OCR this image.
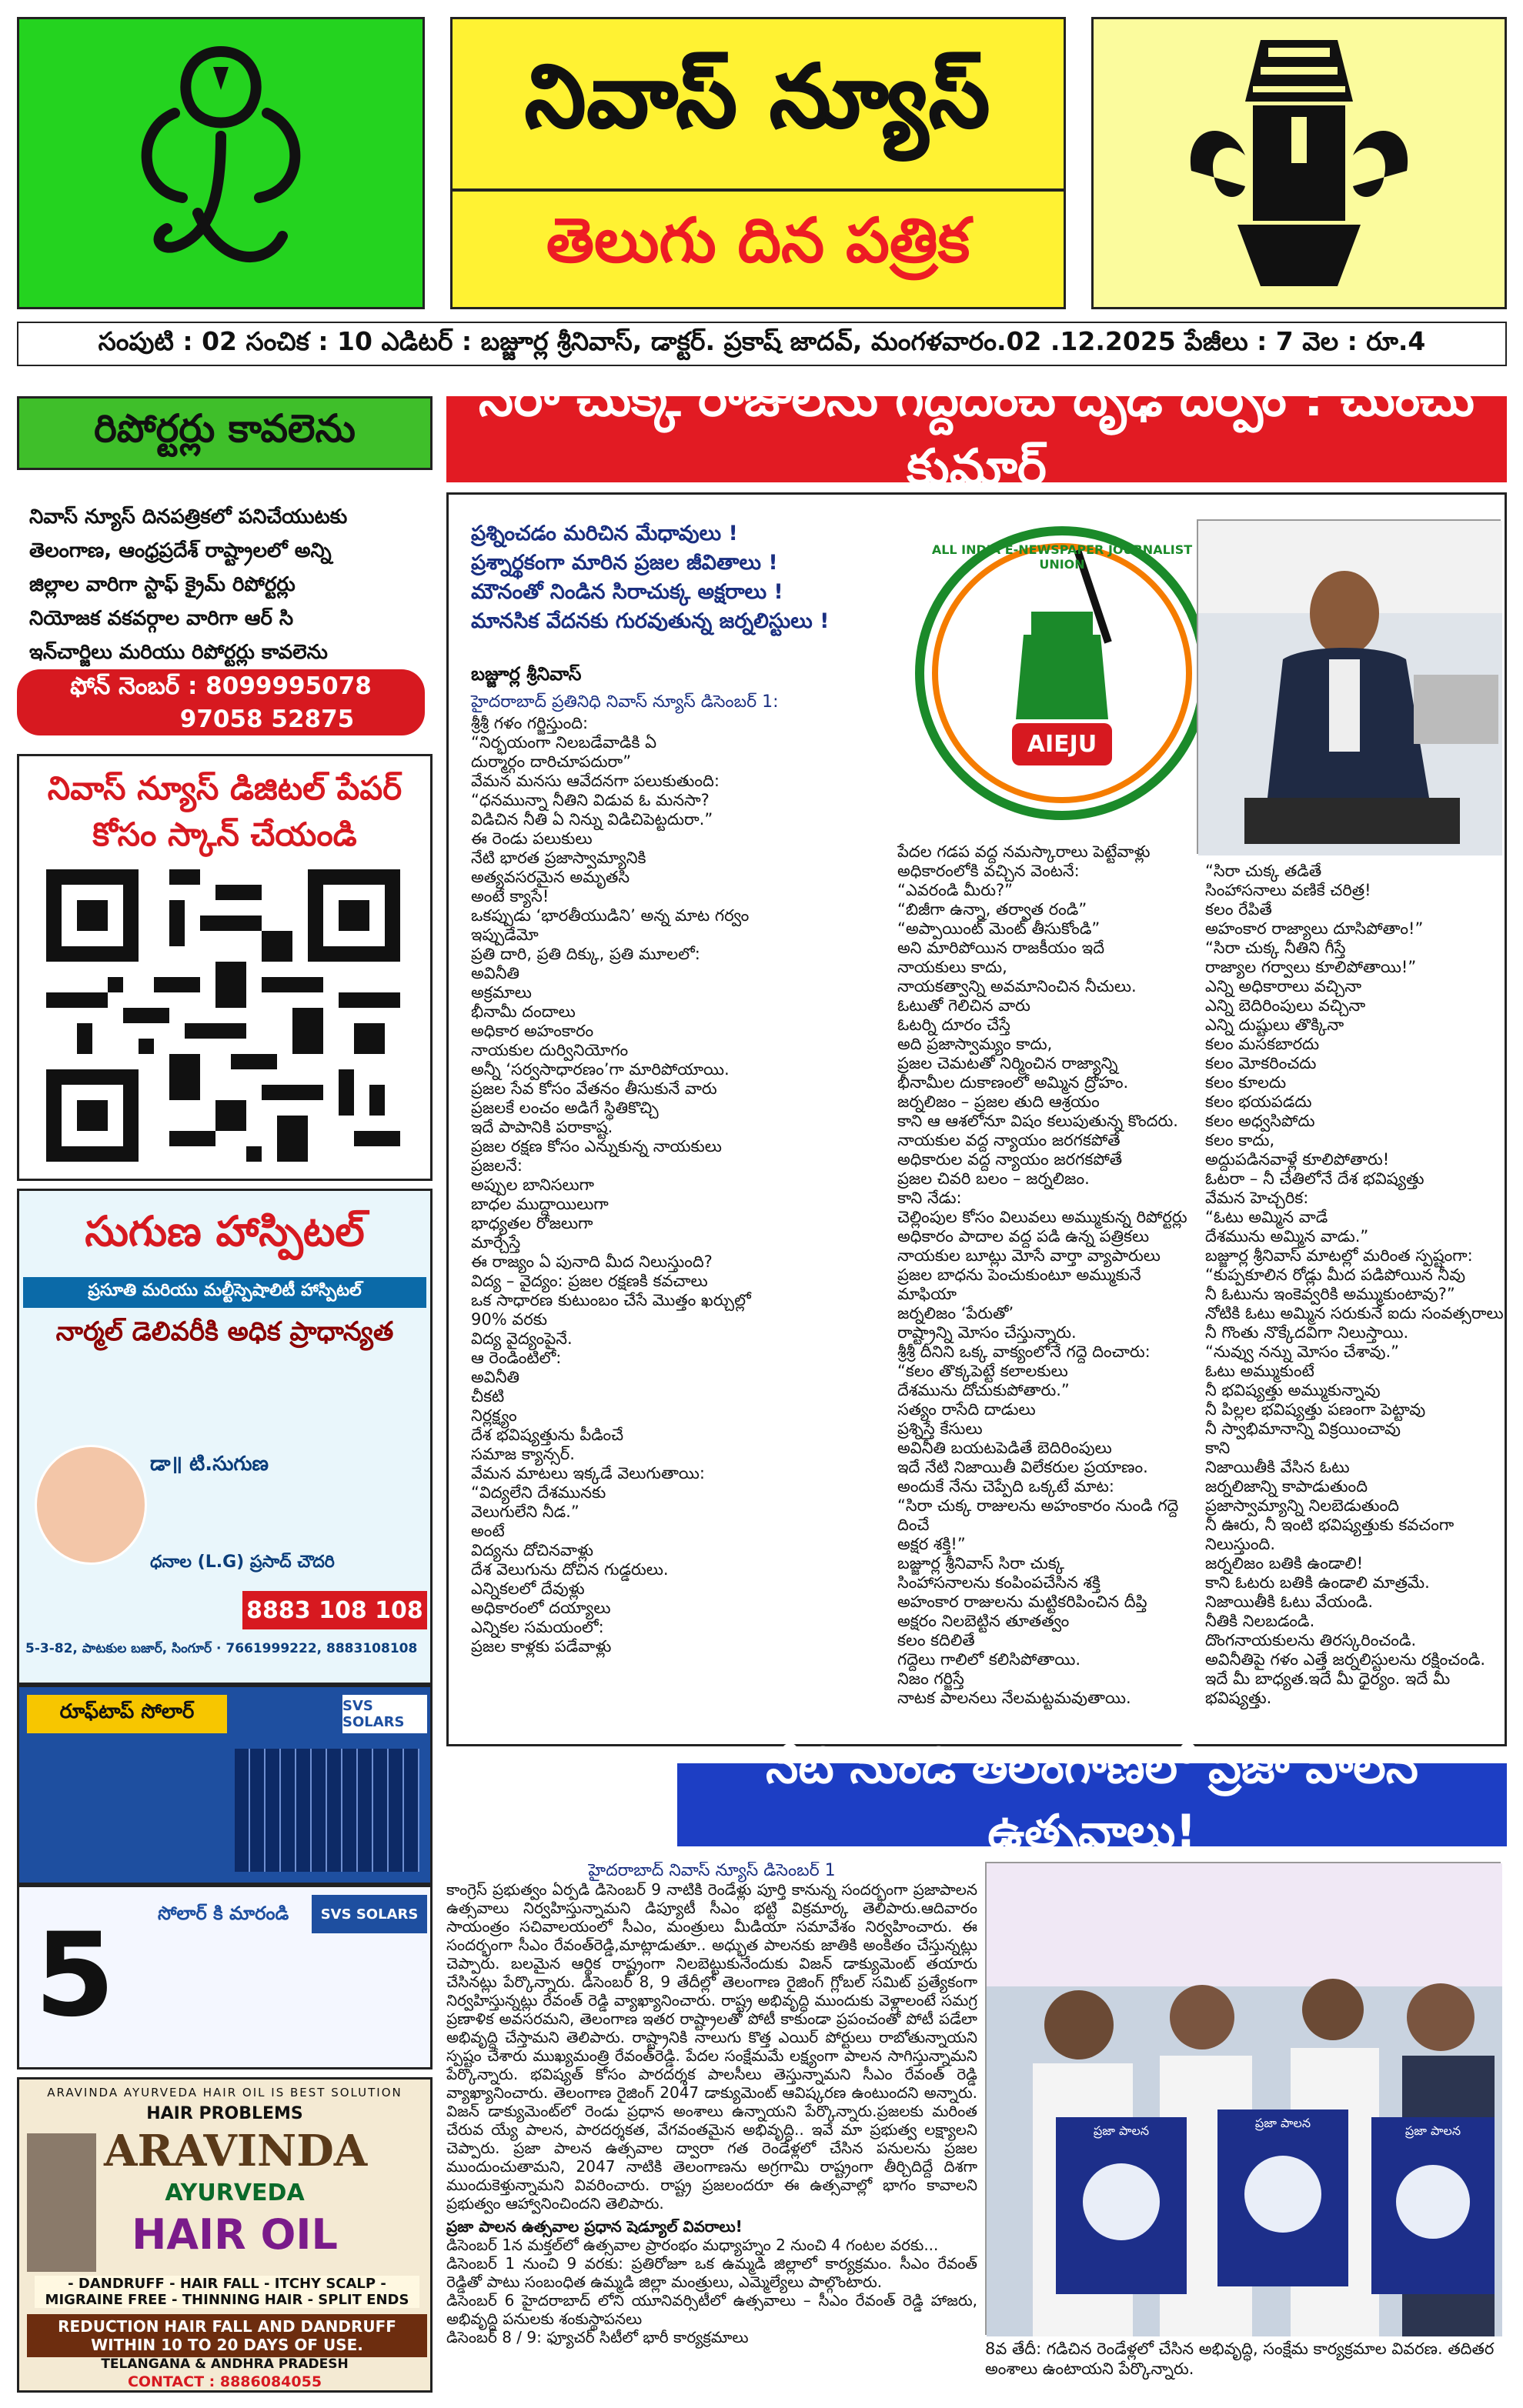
నివాస్ న్యూస్
తెలుగు దిన పత్రిక
సంపుటి : 02 సంచిక : 10 ఎడిటర్ : బజ్జూర్ల శ్రీనివాస్, డాక్టర్. ప్రకాష్ జాదవ్, మంగళవారం.02 .12.2025 పేజీలు : 7 వెల : రూ.4
రిపోర్టర్లు కావలెను
నివాస్ న్యూస్ దినపత్రికలో పనిచేయుటకు
తెలంగాణ, ఆంధ్రప్రదేశ్ రాష్ట్రాలలో అన్ని
జిల్లాల వారిగా స్టాఫ్ క్రైమ్ రిపోర్టర్లు
నియోజక వకవర్గాల వారిగా ఆర్ సి
ఇన్‌చార్జిలు మరియు రిపోర్టర్లు కావలెను
ఫోన్ నెంబర్ : 8099995078
97058 52875
నివాస్ న్యూస్ డిజిటల్ పేపర్ కోసం స్కాన్ చేయండి
డా॥ టి.సుగుణ
ధనాల (L.G) ప్రసాద్ చౌదరి
8883 108 108
5-3-82, పాటకుల బజార్, సింగూర్ · 7661999222, 8883108108
సుగుణ హాస్పిటల్
ప్రసూతి మరియు మల్టీస్పెషాలిటీ హాస్పిటల్
నార్మల్ డెలివరీకి అధిక ప్రాధాన్యత
రూఫ్‌టాప్ సోలార్	SVS SOLARS
5 సోలార్ కి మారండి	SVS SOLARS
ARAVINDA AYURVEDA HAIR OIL IS BEST SOLUTION
HAIR PROBLEMS
ARAVINDA
AYURVEDA
HAIR OIL
- DANDRUFF - HAIR FALL - ITCHY SCALP - MIGRAINE FREE - THINNING HAIR - SPLIT ENDS
REDUCTION HAIR FALL AND DANDRUFF WITHIN 10 TO 20 DAYS OF USE.
TELANGANA & ANDHRA PRADESH
CONTACT : 8886084055
సిరా చుక్క రాజులను గద్దెదించే దృఢ దర్పం : చుంచు కుమార్
ప్రశ్నించడం మరిచిన మేధావులు !
ప్రశ్నార్థకంగా మారిన ప్రజల జీవితాలు !
మౌనంతో నిండిన సిరాచుక్క అక్షరాలు !
మానసిక వేదనకు గురవుతున్న జర్నలిస్టులు !
బజ్జూర్ల శ్రీనివాస్
హైదరాబాద్ ప్రతినిధి నివాస్ న్యూస్ డిసెంబర్ 1:
AIEJU
ALL INDIA E-NEWSPAPER JOURNALIST UNION
శ్రీశ్రీ గళం గర్జిస్తుంది:
“నిర్భయంగా నిలబడేవాడికి ఏ
దుర్మార్గం దారిచూపదురా”
వేమన మనసు ఆవేదనగా పలుకుతుంది:
“ధనమున్నా నీతిని విడువ ఓ మనసా?
విడిచిన నీతి ఏ నిన్ను విడిచిపెట్టదురా.”
ఈ రెండు పలుకులు
నేటి భారత ప్రజాస్వామ్యానికి
అత్యవసరమైన అమృతసి
అంటే క్యాసే!
ఒకప్పుడు ‘భారతీయుడిని’ అన్న మాట గర్వం
ఇప్పుడేమో
ప్రతి దారి, ప్రతి దిక్కు, ప్రతి మూలలో:
అవినీతి
అక్రమాలు
భీనామీ దందాలు
అధికార అహంకారం
నాయకుల దుర్వినియోగం
అన్నీ ‘సర్వసాధారణం’గా మారిపోయాయి.
ప్రజల సేవ కోసం వేతనం తీసుకునే వారు
ప్రజలకే లంచం అడిగే స్థితికొచ్చి
ఇదే పాపానికి పరాకాష్ట.
ప్రజల రక్షణ కోసం ఎన్నుకున్న నాయకులు
ప్రజలనే:
అప్పుల బానిసలుగా
బాధల ముద్దాయిలుగా
భాధ్యతల రోజలుగా
మార్చేస్తే
ఈ రాజ్యం ఏ పునాది మీద నిలుస్తుంది?
విద్య – వైద్యం: ప్రజల రక్షణకి కవచాలు
ఒక సాధారణ కుటుంబం చేసే మొత్తం ఖర్చుల్లో
90% వరకు
విద్య వైద్యంపైనే.
ఆ రెండింటిలో:
అవినీతి
చీకటి
నిర్లక్ష్యం
దేశ భవిష్యత్తును పీడించే
సమాజ క్యాన్సర్.
వేమన మాటలు ఇక్కడే వెలుగుతాయి:
“విద్యలేని దేశమునకు
వెలుగులేని నీడ.”
అంటే
విద్యను దోచినవాళ్లు
దేశ వెలుగును దోచిన గుడ్డరులు.
ఎన్నికలలో దేవుళ్లు
అధికారంలో దయ్యాలు
ఎన్నికల సమయంలో:
ప్రజల కాళ్లకు పడేవాళ్లు
పేదల గడప వద్ద నమస్కారాలు పెట్టేవాళ్లు
అధికారంలోకి వచ్చిన వెంటనే:
“ఎవరండి మీరు?”
“బిజీగా ఉన్నా, తర్వాత రండి”
“అప్పాయింట్ మెంట్ తీసుకోండి”
అని మారిపోయిన రాజకీయం ఇదే
నాయకులు కాదు,
నాయకత్వాన్ని అవమానించిన నీచులు.
ఓటుతో గెలిచిన వారు
ఓటర్ని దూరం చేస్తే
అది ప్రజాస్వామ్యం కాదు,
ప్రజల చెమటతో నిర్మించిన రాజ్యాన్ని
భీనామీల దుకాణంలో అమ్మిన ద్రోహం.
జర్నలిజం – ప్రజల తుది ఆశ్రయం
కాని ఆ ఆశలోనూ విషం కలుపుతున్న కొందరు.
నాయకుల వద్ద న్యాయం జరగకపోతే
అధికారుల వద్ద న్యాయం జరగకపోతే
ప్రజల చివరి బలం – జర్నలిజం.
కాని నేడు:
చెల్లింపుల కోసం విలువలు అమ్ముకున్న రిపోర్టర్లు
అధికారం పాదాల వద్ద పడి ఉన్న పత్రికలు
నాయకుల బూట్లు మోసే వార్తా వ్యాపారులు
ప్రజల బాధను పెంచుకుంటూ అమ్ముకునే మాఫియా
జర్నలిజం ‘పేరుతో’
రాష్ట్రాన్ని మోసం చేస్తున్నారు.
శ్రీశ్రీ దీనిని ఒక్క వాక్యంలోనే గద్దె దించారు:
“కలం తొక్కపెట్టే కలాలకులు
దేశమును దోచుకుపోతారు.”
సత్యం రాసేది దాడులు
ప్రశ్నిస్తే కేసులు
అవినీతి బయటపెడితే బెదిరింపులు
ఇదే నేటి నిజాయితీ విలేకరుల ప్రయాణం.
అందుకే నేను చెప్పేది ఒక్కటే మాట:
“సిరా చుక్క రాజులను అహంకారం నుండి గద్దె దించే
అక్షర శక్తి!”
బజ్జూర్ల శ్రీనివాస్ సిరా చుక్క
సింహాసనాలను కంపింపచేసిన శక్తి
అహంకార రాజులను మట్టికరిపించిన దీప్తి
అక్షరం నిలబెట్టిన తూతత్వం
కలం కదిలితే
గద్దెలు గాలిలో కలిసిపోతాయి.
నిజం గర్జిస్తే
నాటక పాలనలు నేలమట్టమవుతాయి.
“సిరా చుక్క తడితే
సింహాసనాలు వణికే చరిత్ర!
కలం రేపితే
అహంకార రాజ్యాలు దూసిపోతాం!”
“సిరా చుక్క నీతిని గీస్తే
రాజ్యాల గర్వాలు కూలిపోతాయి!”
ఎన్ని అధికారాలు వచ్చినా
ఎన్ని బెదిరింపులు వచ్చినా
ఎన్ని దుష్టులు తొక్కినా
కలం మసకబారదు
కలం మోకరించదు
కలం కూలదు
కలం భయపడదు
కలం అధ్వసిపోదు
కలం కాదు,
అద్దుపడినవాళ్లే కూలిపోతారు!
ఓటరా – నీ చేతిలోనే దేశ భవిష్యత్తు
వేమన హెచ్చరిక:
“ఓటు అమ్మిన వాడే
దేశమును అమ్మిన వాడు.”
బజ్జూర్ల శ్రీనివాస్ మాటల్లో మరింత స్పష్టంగా:
“కుప్పకూలిన రోడ్లు మీద పడిపోయిన నీవు
నీ ఓటును ఇంకెవ్వరికి అమ్ముకుంటావు?”
నోటికి ఓటు అమ్మిన సరుకునే ఐదు సంవత్సరాలు
నీ గొంతు నొక్కేదవిగా నిలుస్తాయి.
“నువ్వు నన్ను మోసం చేశావు.”
ఓటు అమ్ముకుంటే
నీ భవిష్యత్తు అమ్ముకున్నావు
నీ పిల్లల భవిష్యత్తు పణంగా పెట్టావు
నీ స్వాభిమానాన్ని విక్రయించావు
కాని
నిజాయితీకి వేసిన ఓటు
జర్నలిజాన్ని కాపాడుతుంది
ప్రజాస్వామ్యాన్ని నిలబెడుతుంది
నీ ఊరు, నీ ఇంటి భవిష్యత్తుకు కవచంగా నిలుస్తుంది.
జర్నలిజం బతికి ఉండాలి!
కాని ఓటరు బతికి ఉండాలి మాత్రమే.
నిజాయితీకి ఓటు వేయండి.
నీతికి నిలబడండి.
దొంగనాయకులను తిరస్కరించండి.
అవినీతిపై గళం ఎత్తే జర్నలిస్టులను రక్షించండి.
ఇదే మీ బాధ్యత.ఇదే మీ ధైర్యం. ఇదే మీ భవిష్యత్తు.
నేటి నుండి తెలంగాణలో ప్రజా పాలన ఉత్సవాలు!
హైదరాబాద్ నివాస్ న్యూస్ డిసెంబర్ 1
కాంగ్రెస్ ప్రభుత్వం ఏర్పడి డిసెంబర్ 9 నాటికి రెండేళ్లు పూర్తి కానున్న సందర్భంగా ప్రజాపాలన ఉత్సవాలు నిర్వహిస్తున్నామని డిప్యూటీ సీఎం భట్టి విక్రమార్క తెలిపారు.ఆదివారం సాయంత్రం సచివాలయంలో సీఎం, మంత్రులు మీడియా సమావేశం నిర్వహించారు. ఈ సందర్భంగా సీఎం రేవంత్‌రెడ్డి,మాట్లాడుతూ.. అధ్భుత పాలనకు జాతికి అంకితం చేస్తున్నట్లు చెప్పారు. బలమైన ఆర్థిక రాష్ట్రంగా నిలబెట్టుకునేందుకు విజన్ డాక్యుమెంట్ తయారు చేసినట్లు పేర్కొన్నారు. డిసెంబర్ 8, 9 తేదీల్లో తెలంగాణ రైజింగ్ గ్లోబల్ సమిట్ ప్రత్యేకంగా నిర్వహిస్తున్నట్లు రేవంత్ రెడ్డి వ్యాఖ్యానించారు. రాష్ట్ర అభివృద్ధి ముందుకు వెళ్లాలంటే సమగ్ర ప్రణాళిక అవసరమని, తెలంగాణ ఇతర రాష్ట్రాలతో పోటీ కాకుండా ప్రపంచంతో పోటీ పడేలా అభివృద్ధి చేస్తామని తెలిపారు. రాష్ట్రానికి నాలుగు కొత్త ఎయిర్ పోర్టులు రాబోతున్నాయని స్పష్టం చేశారు ముఖ్యమంత్రి రేవంత్‌రెడ్డి. పేదల సంక్షేమమే లక్ష్యంగా పాలన సాగిస్తున్నామని పేర్కొన్నారు. భవిష్యత్ కోసం పారదర్శక పాలసీలు తెస్తున్నామని సీఎం రేవంత్ రెడ్డి వ్యాఖ్యానించారు. తెలంగాణ రైజింగ్ 2047 డాక్యుమెంట్ ఆవిష్కరణ ఉంటుందని అన్నారు. విజన్ డాక్యుమెంట్‌లో రెండు ప్రధాన అంశాలు ఉన్నాయని పేర్కొన్నారు.ప్రజలకు మరింత చేరువ య్యే పాలన, పారదర్శకత, వేగవంతమైన అభివృద్ధి.. ఇవే మా ప్రభుత్వ లక్ష్యాలని చెప్పారు. ప్రజా పాలన ఉత్సవాల ద్వారా గత రెండేళ్లలో చేసిన పనులను ప్రజల ముందుంచుతామని, 2047 నాటికి తెలంగాణను అగ్రగామి రాష్ట్రంగా తీర్చిదిద్దే దిశగా ముందుకెళ్తున్నామని వివరించారు. రాష్ట్ర ప్రజలందరూ ఈ ఉత్సవాల్లో భాగం కావాలని ప్రభుత్వం ఆహ్వానించిందని తెలిపారు.
ప్రజా పాలన ఉత్సవాల ప్రధాన షెడ్యూల్ వివరాలు!
డిసెంబర్ 1న మక్తల్‌లో ఉత్సవాల ప్రారంభం మధ్యాహ్నం 2 నుంచి 4 గంటల వరకు...
డిసెంబర్ 1 నుంచి 9 వరకు: ప్రతిరోజూ ఒక ఉమ్మడి జిల్లాలో కార్యక్రమం. సీఎం రేవంత్ రెడ్డితో పాటు సంబంధిత ఉమ్మడి జిల్లా మంత్రులు, ఎమ్మెల్యేలు పాల్గొంటారు.
డిసెంబర్ 6 హైదరాబాద్ లోని యూనివర్సిటీలో ఉత్సవాలు – సీఎం రేవంత్ రెడ్డి హాజరు, అభివృద్ధి పనులకు శంకుస్థాపనలు
డిసెంబర్ 8 / 9: ఫ్యూచర్ సిటీలో భారీ కార్యక్రమాలు
ప్రజా పాలన
ప్రజా పాలన
ప్రజా పాలన
8వ తేదీ: గడిచిన రెండేళ్లలో చేసిన అభివృద్ధి, సంక్షేమ కార్యక్రమాల వివరణ. తదితర అంశాలు ఉంటాయని పేర్కొన్నారు.
